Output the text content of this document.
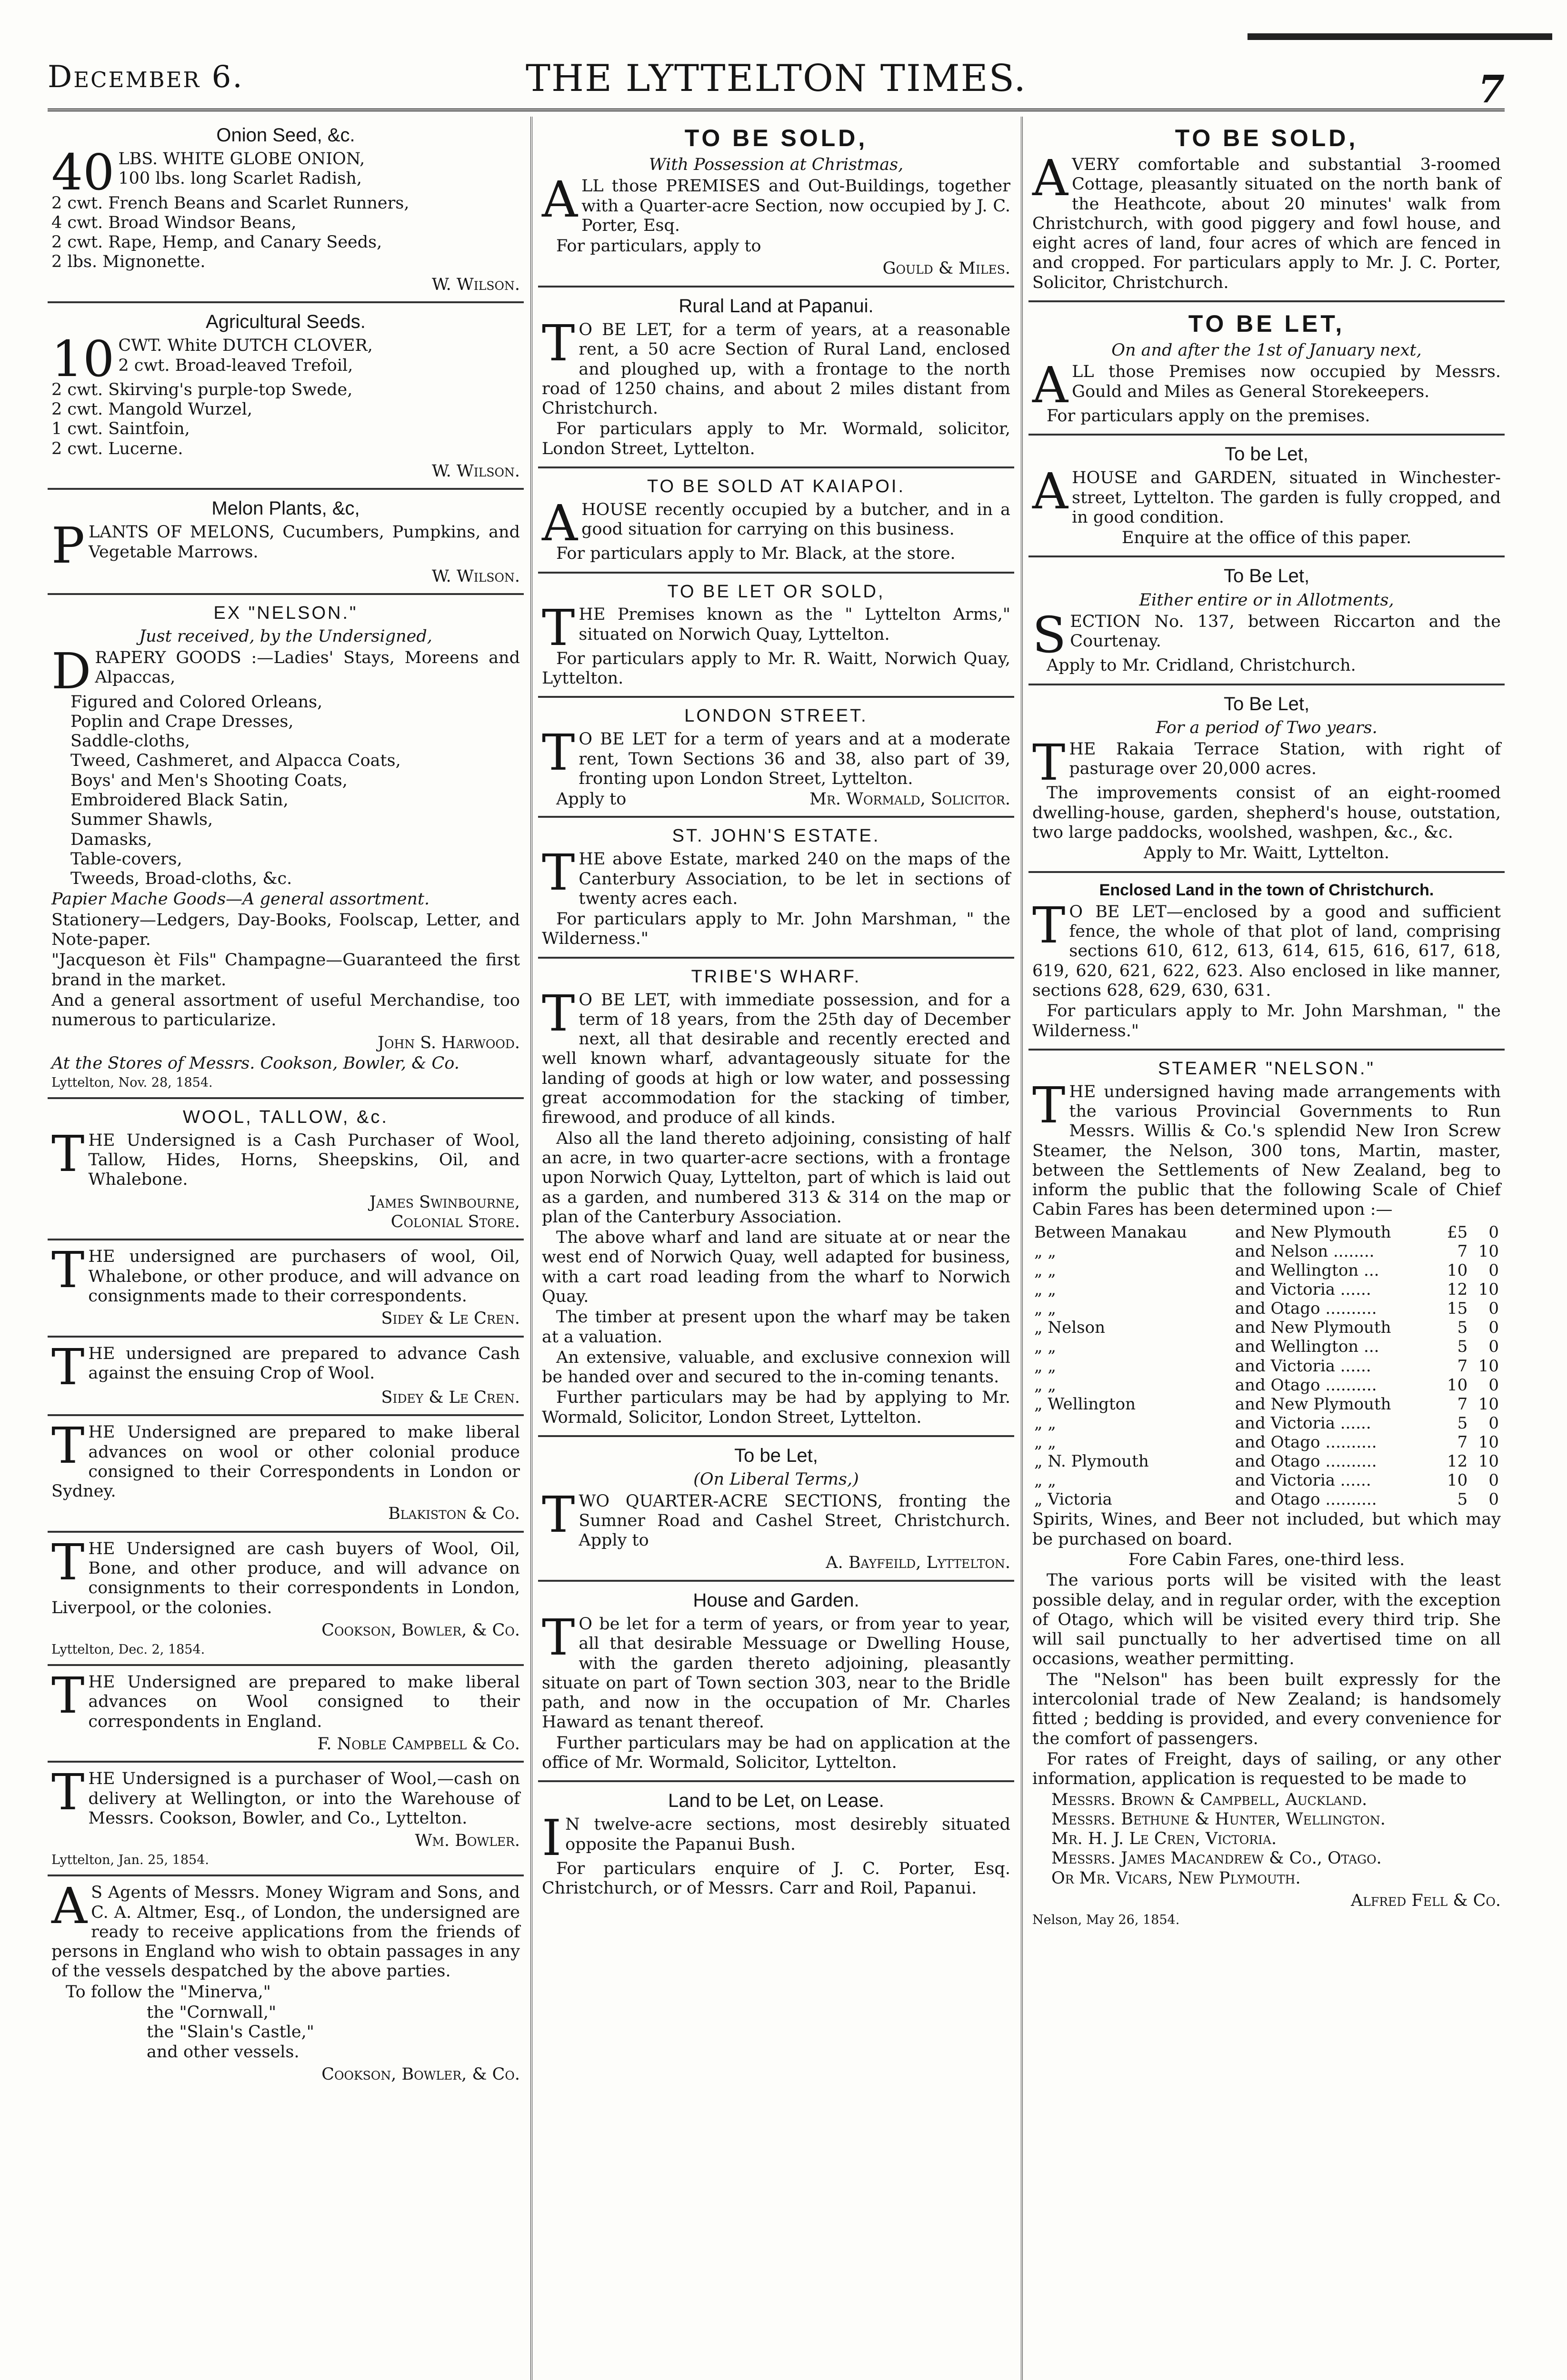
December 6.	THE LYTTELTON TIMES.	7
Onion Seed, &c.
40 LBS. WHITE GLOBE ONION,
100 lbs. long Scarlet Radish,
2 cwt. French Beans and Scarlet Runners,
4 cwt. Broad Windsor Beans,
2 cwt. Rape, Hemp, and Canary Seeds,
2 lbs. Mignonette.
W. Wilson.
Agricultural Seeds.
10 CWT. White DUTCH CLOVER,
2 cwt. Broad-leaved Trefoil,
2 cwt. Skirving's purple-top Swede,
2 cwt. Mangold Wurzel,
1 cwt. Saintfoin,
2 cwt. Lucerne.
W. Wilson.
Melon Plants, &c,
PLANTS OF MELONS, Cucumbers, Pumpkins, and Vegetable Marrows.
W. Wilson.
EX "NELSON."
Just received, by the Undersigned,
DRAPERY GOODS :—Ladies' Stays, Moreens and Alpaccas,
Figured and Colored Orleans,
Poplin and Crape Dresses,
Saddle-cloths,
Tweed, Cashmeret, and Alpacca Coats,
Boys' and Men's Shooting Coats,
Embroidered Black Satin,
Summer Shawls,
Damasks,
Table-covers,
Tweeds, Broad-cloths, &c.
Papier Mache Goods—A general assortment.
Stationery—Ledgers, Day-Books, Foolscap, Letter, and Note-paper.
"Jacqueson èt Fils" Champagne—Guaranteed the first brand in the market.
And a general assortment of useful Merchandise, too numerous to particularize.
John S. Harwood.
At the Stores of Messrs. Cookson, Bowler, & Co.
Lyttelton, Nov. 28, 1854.
WOOL, TALLOW, &c.
THE Undersigned is a Cash Purchaser of Wool, Tallow, Hides, Horns, Sheepskins, Oil, and Whalebone.
James Swinbourne,
Colonial Store.
THE undersigned are purchasers of wool, Oil, Whalebone, or other produce, and will advance on consignments made to their correspondents.
Sidey & Le Cren.
THE undersigned are prepared to advance Cash against the ensuing Crop of Wool.
Sidey & Le Cren.
THE Undersigned are prepared to make liberal advances on wool or other colonial produce consigned to their Correspondents in London or Sydney.
Blakiston & Co.
THE Undersigned are cash buyers of Wool, Oil, Bone, and other produce, and will advance on consignments to their correspondents in London, Liverpool, or the colonies.
Cookson, Bowler, & Co.
Lyttelton, Dec. 2, 1854.
THE Undersigned are prepared to make liberal advances on Wool consigned to their correspondents in England.
F. Noble Campbell & Co.
THE Undersigned is a purchaser of Wool,—cash on delivery at Wellington, or into the Warehouse of Messrs. Cookson, Bowler, and Co., Lyttelton.
Wm. Bowler.
Lyttelton, Jan. 25, 1854.
A S Agents of Messrs. Money Wigram and Sons, and C. A. Altmer, Esq., of London, the undersigned are ready to receive applications from the friends of persons in England who wish to obtain passages in any of the vessels despatched by the above parties.
To follow the "Minerva,"
the "Cornwall,"
the "Slain's Castle,"
and other vessels.
Cookson, Bowler, & Co.
TO BE SOLD,
With Possession at Christmas,
ALL those PREMISES and Out-Buildings, together with a Quarter-acre Section, now occupied by J. C. Porter, Esq.
For particulars, apply to
Gould & Miles.
Rural Land at Papanui.
T O BE LET, for a term of years, at a reasonable rent, a 50 acre Section of Rural Land, enclosed and ploughed up, with a frontage to the north road of 1250 chains, and about 2 miles distant from Christchurch.
For particulars apply to Mr. Wormald, solicitor, London Street, Lyttelton.
TO BE SOLD AT KAIAPOI.
AHOUSE recently occupied by a butcher, and in a good situation for carrying on this business.
For particulars apply to Mr. Black, at the store.
TO BE LET OR SOLD,
THE Premises known as the " Lyttelton Arms," situated on Norwich Quay, Lyttelton.
For particulars apply to Mr. R. Waitt, Norwich Quay, Lyttelton.
LONDON STREET.
T O BE LET for a term of years and at a moderate rent, Town Sections 36 and 38, also part of 39, fronting upon London Street, Lyttelton.
Apply to	Mr. Wormald, Solicitor.
ST. JOHN'S ESTATE.
THE above Estate, marked 240 on the maps of the Canterbury Association, to be let in sections of twenty acres each.
For particulars apply to Mr. John Marshman, " the Wilderness."
TRIBE'S WHARF.
T O BE LET, with immediate possession, and for a term of 18 years, from the 25th day of December next, all that desirable and recently erected and well known wharf, advantageously situate for the landing of goods at high or low water, and possessing great accommodation for the stacking of timber, firewood, and produce of all kinds.
Also all the land thereto adjoining, consisting of half an acre, in two quarter-acre sections, with a frontage upon Norwich Quay, Lyttelton, part of which is laid out as a garden, and numbered 313 & 314 on the map or plan of the Canterbury Association.
The above wharf and land are situate at or near the west end of Norwich Quay, well adapted for business, with a cart road leading from the wharf to Norwich Quay.
The timber at present upon the wharf may be taken at a valuation.
An extensive, valuable, and exclusive connexion will be handed over and secured to the in-coming tenants.
Further particulars may be had by applying to Mr. Wormald, Solicitor, London Street, Lyttelton.
To be Let,
(On Liberal Terms,)
TWO QUARTER-ACRE SECTIONS, fronting the Sumner Road and Cashel Street, Christchurch. Apply to
A. Bayfeild, Lyttelton.
House and Garden.
T O be let for a term of years, or from year to year, all that desirable Messuage or Dwelling House, with the garden thereto adjoining, pleasantly situate on part of Town section 303, near to the Bridle path, and now in the occupation of Mr. Charles Haward as tenant thereof.
Further particulars may be had on application at the office of Mr. Wormald, Solicitor, Lyttelton.
Land to be Let, on Lease.
I N twelve-acre sections, most desirebly situated opposite the Papanui Bush.
For particulars enquire of J. C. Porter, Esq. Christchurch, or of Messrs. Carr and Roil, Papanui.
TO BE SOLD,
AVERY comfortable and substantial 3-roomed Cottage, pleasantly situated on the north bank of the Heathcote, about 20 minutes' walk from Christchurch, with good piggery and fowl house, and eight acres of land, four acres of which are fenced in and cropped. For particulars apply to Mr. J. C. Porter, Solicitor, Christchurch.
TO BE LET,
On and after the 1st of January next,
ALL those Premises now occupied by Messrs. Gould and Miles as General Storekeepers.
For particulars apply on the premises.
To be Let,
AHOUSE and GARDEN, situated in Winchester-street, Lyttelton. The garden is fully cropped, and in good condition.
Enquire at the office of this paper.
To Be Let,
Either entire or in Allotments,
SECTION No. 137, between Riccarton and the Courtenay.
Apply to Mr. Cridland, Christchurch.
To Be Let,
For a period of Two years.
THE Rakaia Terrace Station, with right of pasturage over 20,000 acres.
The improvements consist of an eight-roomed dwelling-house, garden, shepherd's house, outstation, two large paddocks, woolshed, washpen, &c., &c.
Apply to Mr. Waitt, Lyttelton.
Enclosed Land in the town of Christchurch.
T O BE LET—enclosed by a good and sufficient fence, the whole of that plot of land, comprising sections 610, 612, 613, 614, 615, 616, 617, 618, 619, 620, 621, 622, 623. Also enclosed in like manner, sections 628, 629, 630, 631.
For particulars apply to Mr. John Marshman, " the Wilderness."
STEAMER "NELSON."
THE undersigned having made arrangements with the various Provincial Governments to Run Messrs. Willis & Co.'s splendid New Iron Screw Steamer, the Nelson, 300 tons, Martin, master, between the Settlements of New Zealand, beg to inform the public that the following Scale of Chief Cabin Fares has been determined upon :—
Between Manakau	and New Plymouth	£5	0
„ „	and Nelson ........	7	10
„ „	and Wellington ...	10	0
„ „	and Victoria ......	12	10
„ „	and Otago ..........	15	0
„ Nelson	and New Plymouth	5	0
„ „	and Wellington ...	5	0
„ „	and Victoria ......	7	10
„ „	and Otago ..........	10	0
„ Wellington	and New Plymouth	7	10
„ „	and Victoria ......	5	0
„ „	and Otago ..........	7	10
„ N. Plymouth	and Otago ..........	12	10
„ „	and Victoria ......	10	0
„ Victoria	and Otago ..........	5	0
Spirits, Wines, and Beer not included, but which may be purchased on board.
Fore Cabin Fares, one-third less.
The various ports will be visited with the least possible delay, and in regular order, with the exception of Otago, which will be visited every third trip. She will sail punctually to her advertised time on all occasions, weather permitting.
The "Nelson" has been built expressly for the intercolonial trade of New Zealand; is handsomely fitted ; bedding is provided, and every convenience for the comfort of passengers.
For rates of Freight, days of sailing, or any other information, application is requested to be made to
Messrs. Brown & Campbell, Auckland.
Messrs. Bethune & Hunter, Wellington.
Mr. H. J. Le Cren, Victoria.
Messrs. James Macandrew & Co., Otago.
Or Mr. Vicars, New Plymouth.
Alfred Fell & Co.
Nelson, May 26, 1854.
